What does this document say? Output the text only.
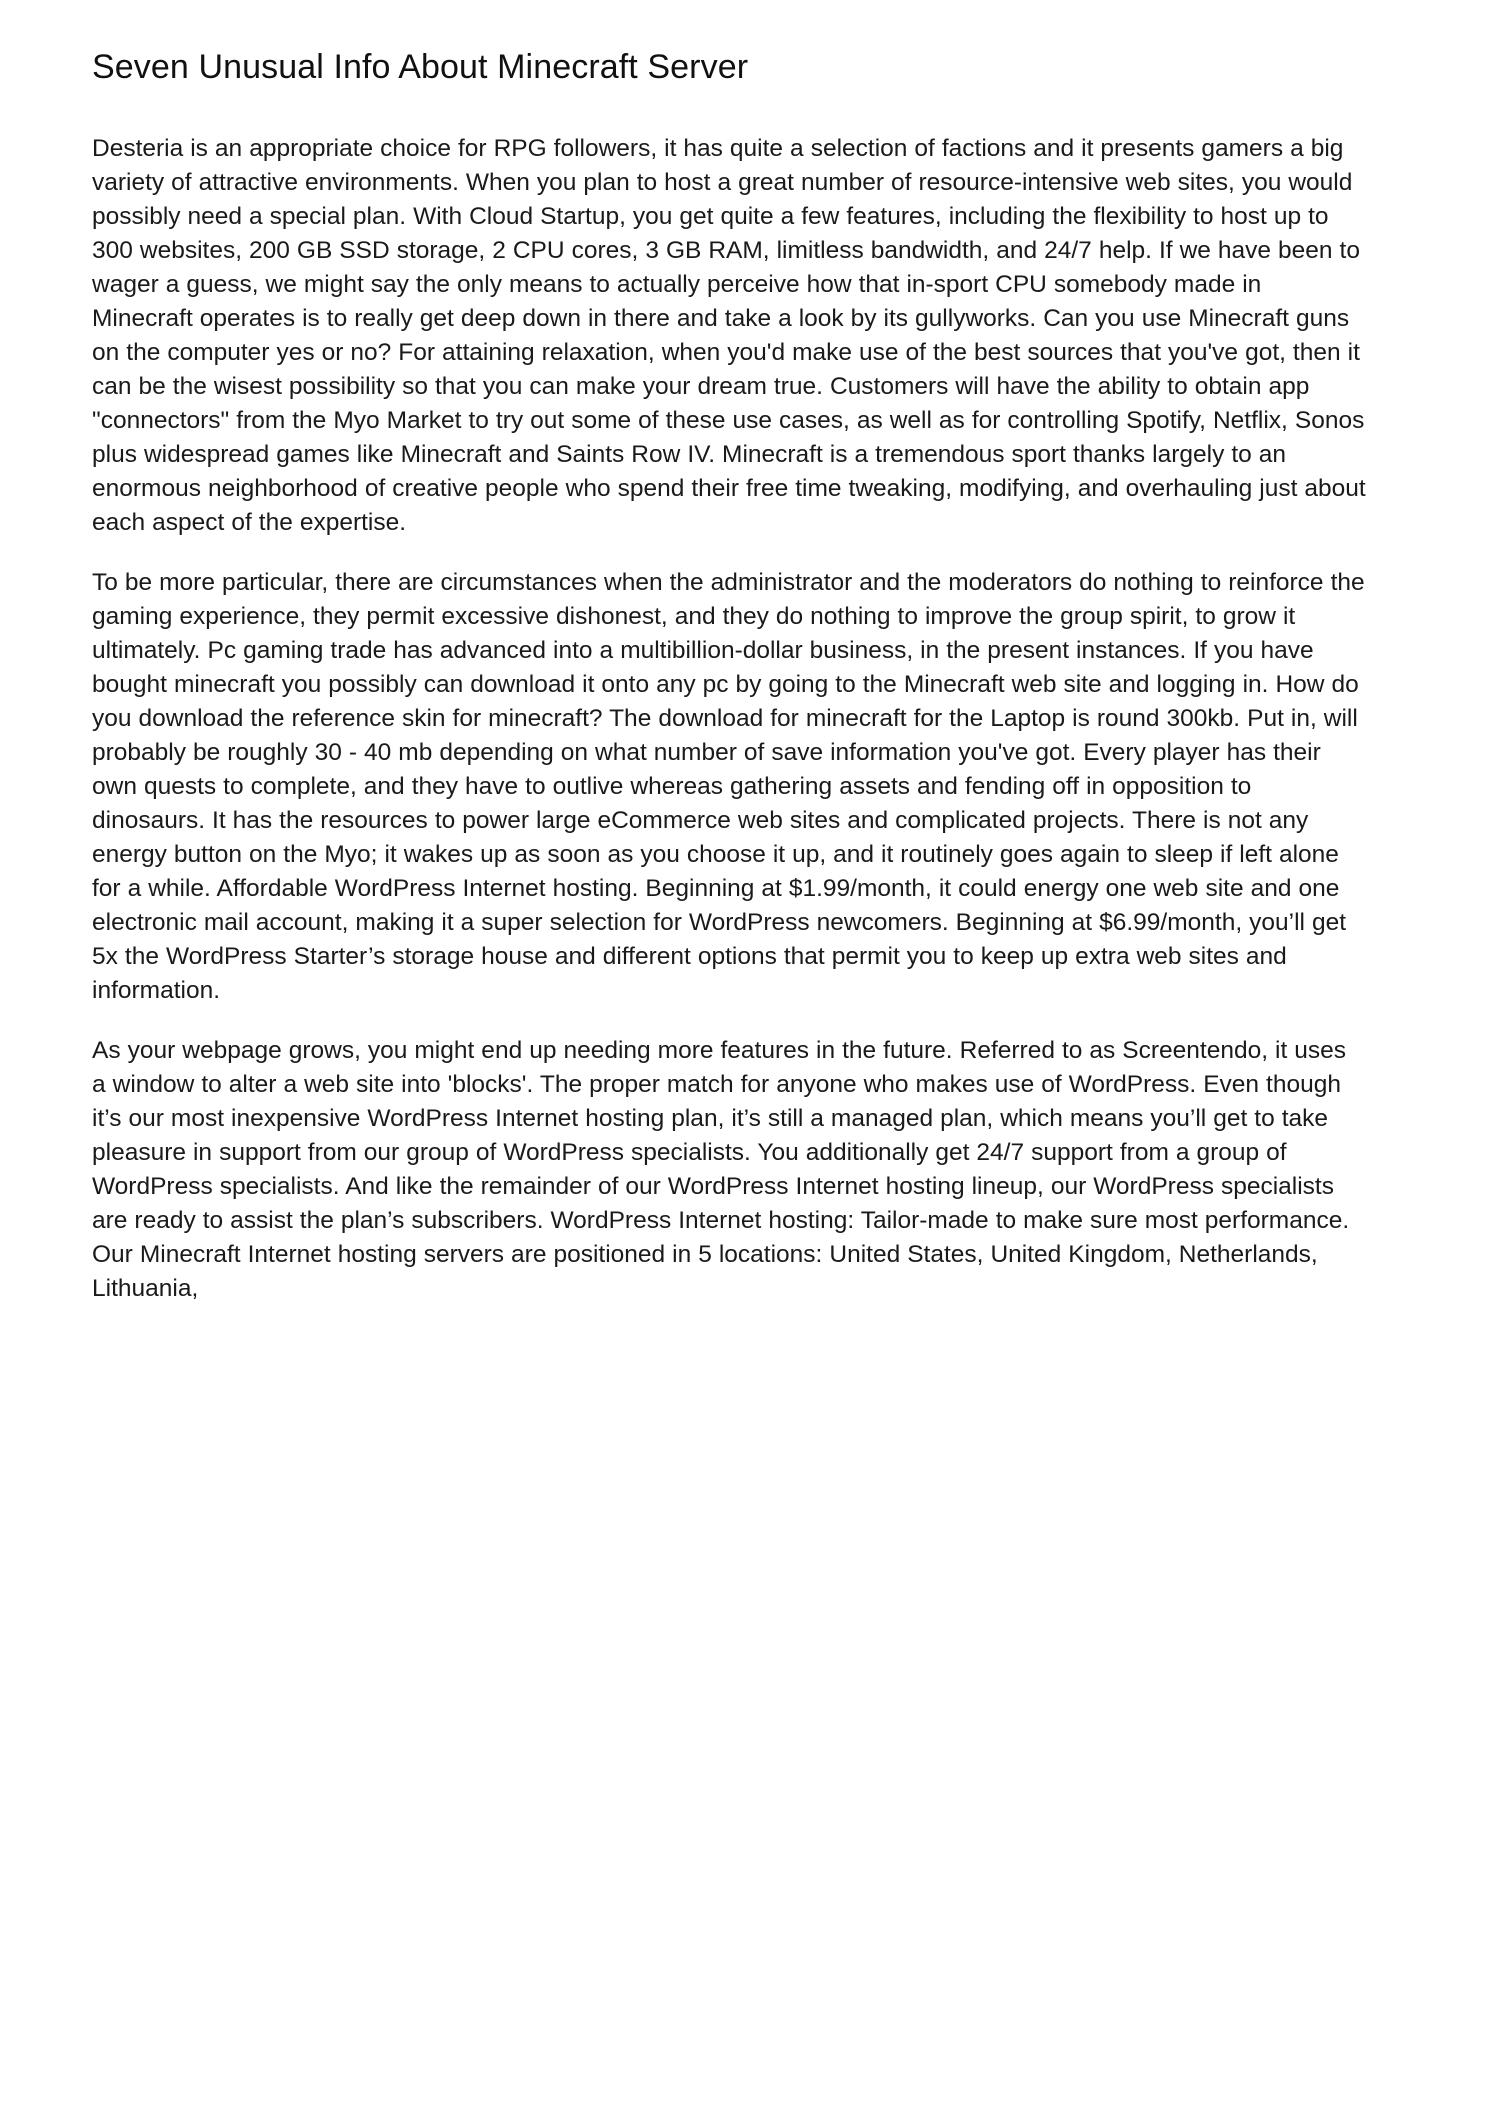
Seven Unusual Info About Minecraft Server

Desteria is an appropriate choice for RPG followers, it has quite a selection of factions and it presents gamers a big variety of attractive environments. When you plan to host a great number of resource-intensive web sites, you would possibly need a special plan. With Cloud Startup, you get quite a few features, including the flexibility to host up to 300 websites, 200 GB SSD storage, 2 CPU cores, 3 GB RAM, limitless bandwidth, and 24/7 help. If we have been to wager a guess, we might say the only means to actually perceive how that in-sport CPU somebody made in Minecraft operates is to really get deep down in there and take a look by its gullyworks. Can you use Minecraft guns on the computer yes or no? For attaining relaxation, when you'd make use of the best sources that you've got, then it can be the wisest possibility so that you can make your dream true. Customers will have the ability to obtain app "connectors" from the Myo Market to try out some of these use cases, as well as for controlling Spotify, Netflix, Sonos plus widespread games like Minecraft and Saints Row IV. Minecraft is a tremendous sport thanks largely to an enormous neighborhood of creative people who spend their free time tweaking, modifying, and overhauling just about each aspect of the expertise.

To be more particular, there are circumstances when the administrator and the moderators do nothing to reinforce the gaming experience, they permit excessive dishonest, and they do nothing to improve the group spirit, to grow it ultimately. Pc gaming trade has advanced into a multibillion-dollar business, in the present instances. If you have bought minecraft you possibly can download it onto any pc by going to the Minecraft web site and logging in. How do you download the reference skin for minecraft? The download for minecraft for the Laptop is round 300kb. Put in, will probably be roughly 30 - 40 mb depending on what number of save information you've got. Every player has their own quests to complete, and they have to outlive whereas gathering assets and fending off in opposition to dinosaurs. It has the resources to power large eCommerce web sites and complicated projects. There is not any energy button on the Myo; it wakes up as soon as you choose it up, and it routinely goes again to sleep if left alone for a while. Affordable WordPress Internet hosting. Beginning at $1.99/month, it could energy one web site and one electronic mail account, making it a super selection for WordPress newcomers. Beginning at $6.99/month, you’ll get 5x the WordPress Starter’s storage house and different options that permit you to keep up extra web sites and information.

As your webpage grows, you might end up needing more features in the future. Referred to as Screentendo, it uses a window to alter a web site into 'blocks'. The proper match for anyone who makes use of WordPress. Even though it’s our most inexpensive WordPress Internet hosting plan, it’s still a managed plan, which means you’ll get to take pleasure in support from our group of WordPress specialists. You additionally get 24/7 support from a group of WordPress specialists. And like the remainder of our WordPress Internet hosting lineup, our WordPress specialists are ready to assist the plan’s subscribers. WordPress Internet hosting: Tailor-made to make sure most performance. Our Minecraft Internet hosting servers are positioned in 5 locations: United States, United Kingdom, Netherlands, Lithuania,
